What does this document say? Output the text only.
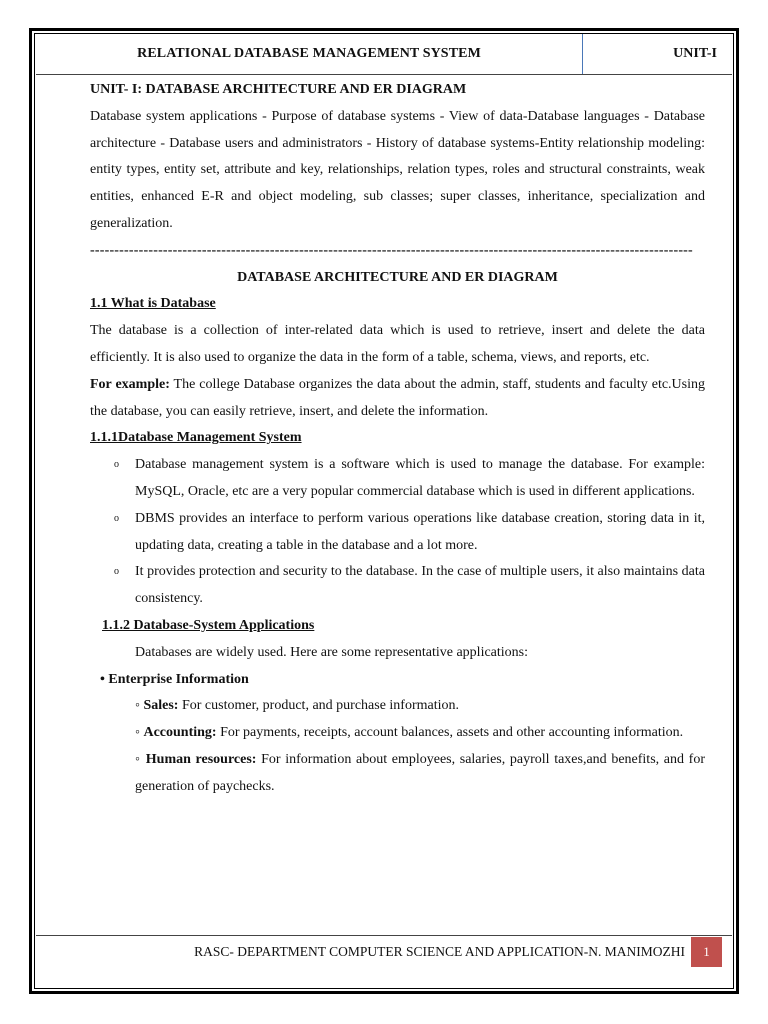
RELATIONAL DATABASE MANAGEMENT SYSTEM	UNIT-I

UNIT- I: DATABASE ARCHITECTURE AND ER DIAGRAM

Database system applications - Purpose of database systems - View of data-Database languages - Database architecture - Database users and administrators - History of database systems-Entity relationship modeling: entity types, entity set, attribute and key, relationships, relation types, roles and structural constraints, weak entities, enhanced E-R and object modeling, sub classes; super classes, inheritance, specialization and generalization.

----------------------------------------------------------------------------------------------------------------------------

DATABASE ARCHITECTURE AND ER DIAGRAM

1.1 What is Database

The database is a collection of inter-related data which is used to retrieve, insert and delete the data efficiently. It is also used to organize the data in the form of a table, schema, views, and reports, etc.

For example: The college Database organizes the data about the admin, staff, students and faculty etc.Using the database, you can easily retrieve, insert, and delete the information.

1.1.1Database Management System

o Database management system is a software which is used to manage the database. For example: MySQL, Oracle, etc are a very popular commercial database which is used in different applications.
o DBMS provides an interface to perform various operations like database creation, storing data in it, updating data, creating a table in the database and a lot more.
o It provides protection and security to the database. In the case of multiple users, it also maintains data consistency.

1.1.2 Database-System Applications

Databases are widely used. Here are some representative applications:

• Enterprise Information

◦ Sales: For customer, product, and purchase information.

◦ Accounting: For payments, receipts, account balances, assets and other accounting information.

◦ Human resources: For information about employees, salaries, payroll taxes,and benefits, and for generation of paychecks.

RASC- DEPARTMENT COMPUTER SCIENCE AND APPLICATION-N. MANIMOZHI	1
